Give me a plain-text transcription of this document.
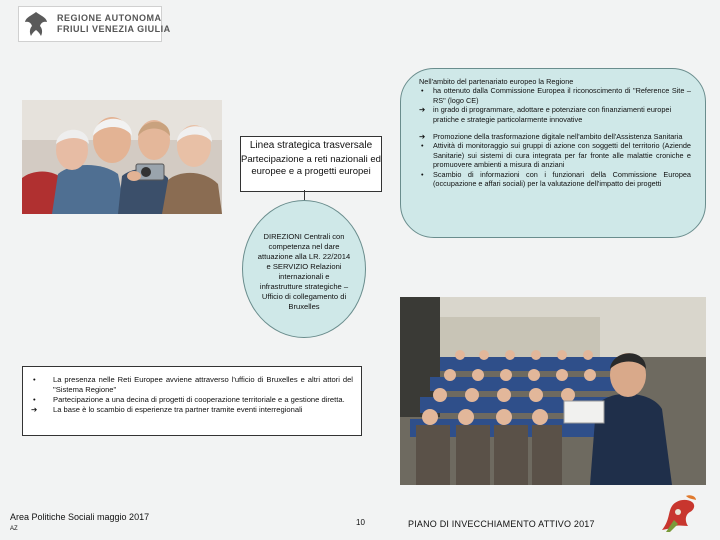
REGIONE AUTONOMA
FRIULI VENEZIA GIULIA
Linea strategica trasversale
Partecipazione a reti nazionali ed europee e a progetti europei
DIREZIONI Centrali con competenza nel dare attuazione alla LR. 22/2014 e SERVIZIO Relazioni internazionali e infrastrutture strategiche – Ufficio di collegamento di Bruxelles
Nell'ambito del partenariato europeo la Regione
• ha ottenuto dalla Commissione Europea il riconoscimento di "Reference Site – RS" (logo CE)
➔ in grado di programmare, adottare e potenziare con finanziamenti europei pratiche e strategie particolarmente innovative
➔ Promozione della trasformazione digitale nell'ambito dell'Assistenza Sanitaria
• Attività di monitoraggio sui gruppi di azione con soggetti del territorio (Aziende Sanitarie) sui sistemi di cura integrata per far fronte alle malattie croniche e promuovere ambienti a misura di anziani
• Scambio di informazioni con i funzionari della Commissione Europea (occupazione e affari sociali) per la valutazione dell'impatto dei progetti
• La presenza nelle Reti Europee avviene attraverso l'ufficio di Bruxelles e altri attori del "Sistema Regione"
• Partecipazione a una decina di progetti di cooperazione territoriale e a gestione diretta.
➔ La base è lo scambio di esperienze tra partner tramite eventi interregionali
Area Politiche Sociali maggio 2017
AZ
10	PIANO DI INVECCHIAMENTO ATTIVO 2017
